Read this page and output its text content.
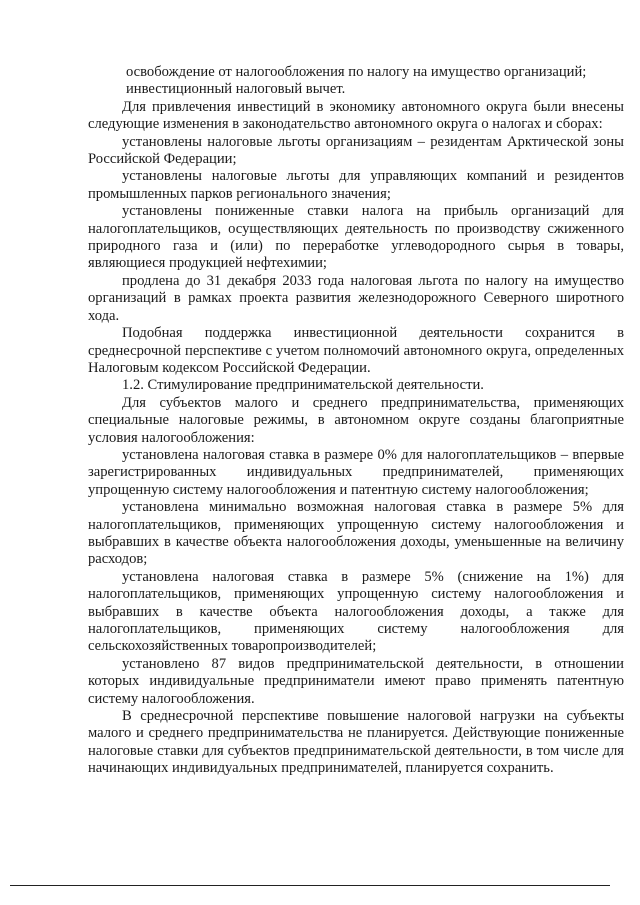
освобождение от налогообложения по налогу на имущество организаций;

инвестиционный налоговый вычет.

Для привлечения инвестиций в экономику автономного округа были внесены следующие изменения в законодательство автономного округа о налогах и сборах:

установлены налоговые льготы организациям – резидентам Арктической зоны Российской Федерации;

установлены налоговые льготы для управляющих компаний и резидентов промышленных парков регионального значения;

установлены пониженные ставки налога на прибыль организаций для налогоплательщиков, осуществляющих деятельность по производству сжиженного природного газа и (или) по переработке углеводородного сырья в товары, являющиеся продукцией нефтехимии;

продлена до 31 декабря 2033 года налоговая льгота по налогу на имущество организаций в рамках проекта развития железнодорожного Северного широтного хода.

Подобная поддержка инвестиционной деятельности сохранится в среднесрочной перспективе с учетом полномочий автономного округа, определенных Налоговым кодексом Российской Федерации.

1.2. Стимулирование предпринимательской деятельности.

Для субъектов малого и среднего предпринимательства, применяющих специальные налоговые режимы, в автономном округе созданы благоприятные условия налогообложения:

установлена налоговая ставка в размере 0% для налогоплательщиков – впервые зарегистрированных индивидуальных предпринимателей, применяющих упрощенную систему налогообложения и патентную систему налогообложения;

установлена минимально возможная налоговая ставка в размере 5% для налогоплательщиков, применяющих упрощенную систему налогообложения и выбравших в качестве объекта налогообложения доходы, уменьшенные на величину расходов;

установлена налоговая ставка в размере 5% (снижение на 1%) для налогоплательщиков, применяющих упрощенную систему налогообложения и выбравших в качестве объекта налогообложения доходы, а также для налогоплательщиков, применяющих систему налогообложения для сельскохозяйственных товаропроизводителей;

установлено 87 видов предпринимательской деятельности, в отношении которых индивидуальные предприниматели имеют право применять патентную систему налогообложения.

В среднесрочной перспективе повышение налоговой нагрузки на субъекты малого и среднего предпринимательства не планируется. Действующие пониженные налоговые ставки для субъектов предпринимательской деятельности, в том числе для начинающих индивидуальных предпринимателей, планируется сохранить.
